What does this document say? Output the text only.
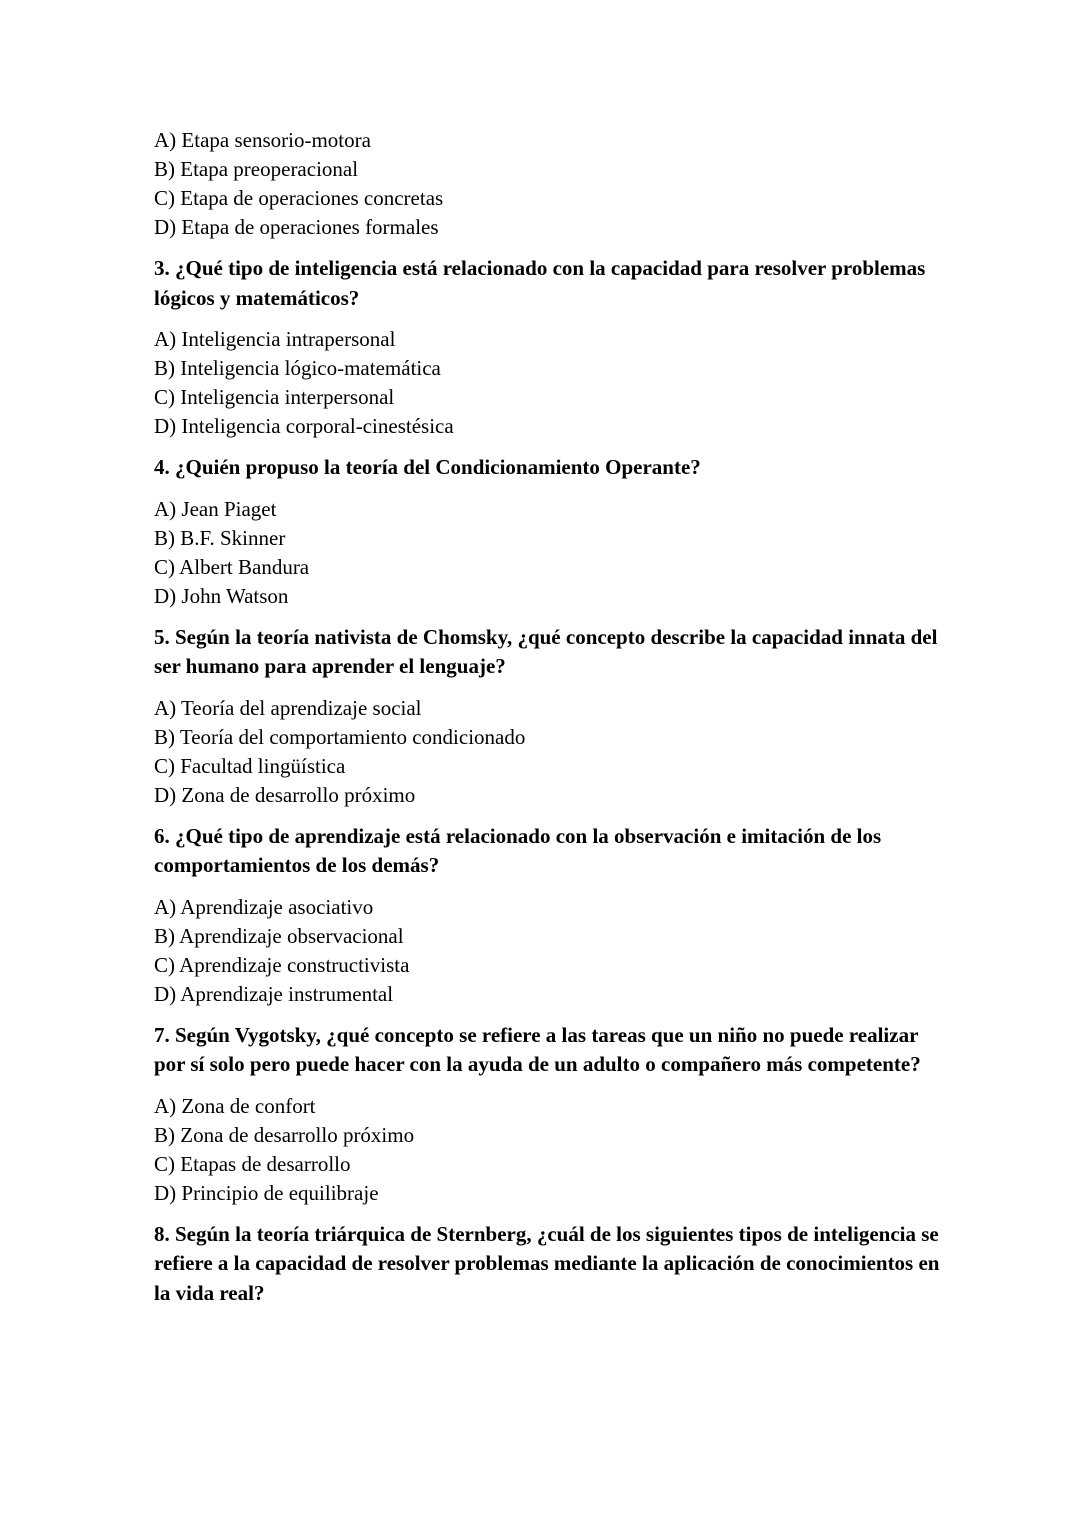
A) Etapa sensorio-motora
B) Etapa preoperacional
C) Etapa de operaciones concretas
D) Etapa de operaciones formales

3. ¿Qué tipo de inteligencia está relacionado con la capacidad para resolver problemas lógicos y matemáticos?

A) Inteligencia intrapersonal
B) Inteligencia lógico-matemática
C) Inteligencia interpersonal
D) Inteligencia corporal-cinestésica

4. ¿Quién propuso la teoría del Condicionamiento Operante?

A) Jean Piaget
B) B.F. Skinner
C) Albert Bandura
D) John Watson

5. Según la teoría nativista de Chomsky, ¿qué concepto describe la capacidad innata del ser humano para aprender el lenguaje?

A) Teoría del aprendizaje social
B) Teoría del comportamiento condicionado
C) Facultad lingüística
D) Zona de desarrollo próximo

6. ¿Qué tipo de aprendizaje está relacionado con la observación e imitación de los comportamientos de los demás?

A) Aprendizaje asociativo
B) Aprendizaje observacional
C) Aprendizaje constructivista
D) Aprendizaje instrumental

7. Según Vygotsky, ¿qué concepto se refiere a las tareas que un niño no puede realizar por sí solo pero puede hacer con la ayuda de un adulto o compañero más competente?

A) Zona de confort
B) Zona de desarrollo próximo
C) Etapas de desarrollo
D) Principio de equilibraje

8. Según la teoría triárquica de Sternberg, ¿cuál de los siguientes tipos de inteligencia se refiere a la capacidad de resolver problemas mediante la aplicación de conocimientos en la vida real?
